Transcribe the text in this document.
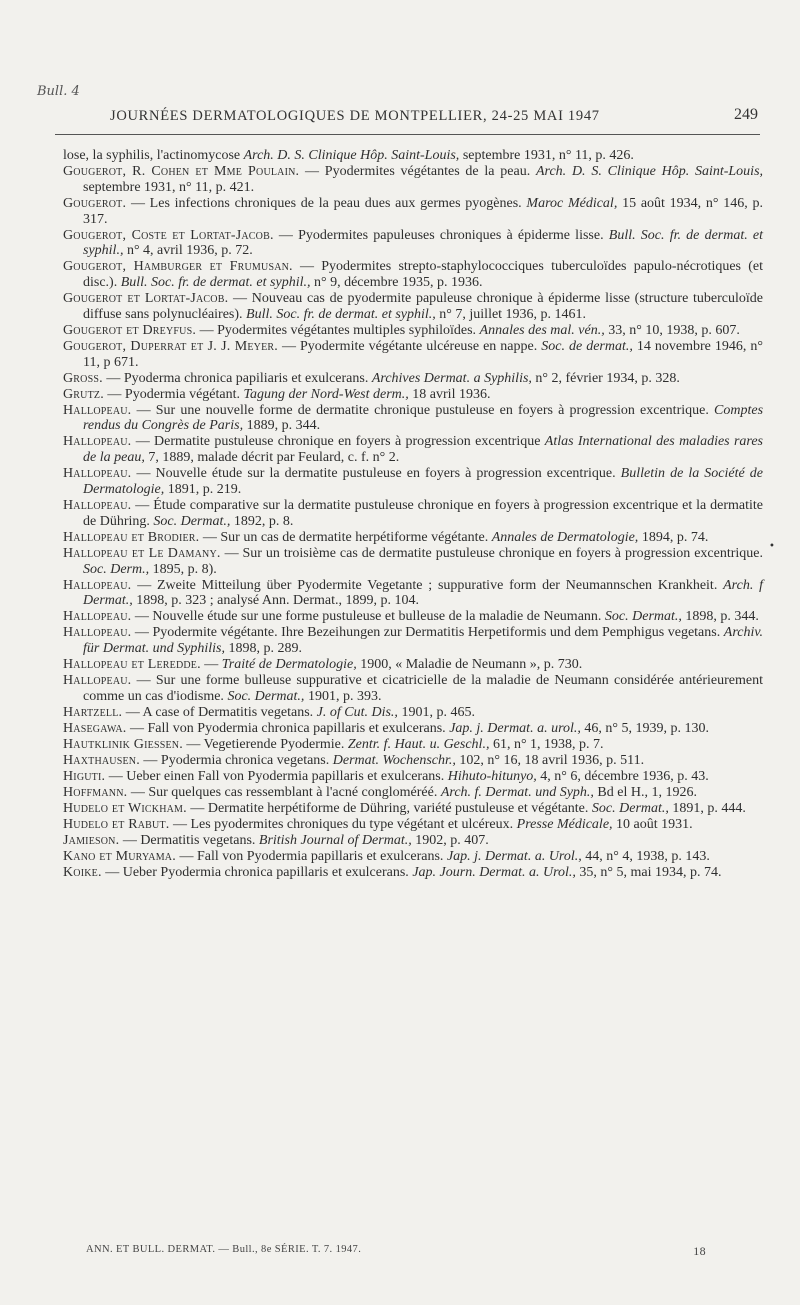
Bull. 4
JOURNÉES DERMATOLOGIQUES DE MONTPELLIER, 24-25 MAI 1947	249

lose, la syphilis, l'actinomycose Arch. D. S. Clinique Hôp. Saint-Louis, septembre 1931, n° 11, p. 426.

Gougerot, R. Cohen et Mme Poulain. — Pyodermites végétantes de la peau. Arch. D. S. Clinique Hôp. Saint-Louis, septembre 1931, n° 11, p. 421.

Gougerot. — Les infections chroniques de la peau dues aux germes pyogènes. Maroc Médical, 15 août 1934, n° 146, p. 317.

Gougerot, Coste et Lortat-Jacob. — Pyodermites papuleuses chroniques à épiderme lisse. Bull. Soc. fr. de dermat. et syphil., n° 4, avril 1936, p. 72.

Gougerot, Hamburger et Frumusan. — Pyodermites strepto-staphylococciques tuberculoïdes papulo-nécrotiques (et disc.). Bull. Soc. fr. de dermat. et syphil., n° 9, décembre 1935, p. 1936.

Gougerot et Lortat-Jacob. — Nouveau cas de pyodermite papuleuse chronique à épiderme lisse (structure tuberculoïde diffuse sans polynucléaires). Bull. Soc. fr. de dermat. et syphil., n° 7, juillet 1936, p. 1461.

Gougerot et Dreyfus. — Pyodermites végétantes multiples syphiloïdes. Annales des mal. vén., 33, n° 10, 1938, p. 607.

Gougerot, Duperrat et J. J. Meyer. — Pyodermite végétante ulcéreuse en nappe. Soc. de dermat., 14 novembre 1946, n° 11, p 671.

Gross. — Pyoderma chronica papiliaris et exulcerans. Archives Dermat. a Syphilis, n° 2, février 1934, p. 328.

Grutz. — Pyodermia végétant. Tagung der Nord-West derm., 18 avril 1936.

Hallopeau. — Sur une nouvelle forme de dermatite chronique pustuleuse en foyers à progression excentrique. Comptes rendus du Congrès de Paris, 1889, p. 344.

Hallopeau. — Dermatite pustuleuse chronique en foyers à progression excentrique Atlas International des maladies rares de la peau, 7, 1889, malade décrit par Feulard, c. f. n° 2.

Hallopeau. — Nouvelle étude sur la dermatite pustuleuse en foyers à progression excentrique. Bulletin de la Société de Dermatologie, 1891, p. 219.

Hallopeau. — Étude comparative sur la dermatite pustuleuse chronique en foyers à progression excentrique et la dermatite de Dühring. Soc. Dermat., 1892, p. 8.

Hallopeau et Brodier. — Sur un cas de dermatite herpétiforme végétante. Annales de Dermatologie, 1894, p. 74.

Hallopeau et Le Damany. — Sur un troisième cas de dermatite pustuleuse chronique en foyers à progression excentrique. Soc. Derm., 1895, p. 8).

Hallopeau. — Zweite Mitteilung über Pyodermite Vegetante ; suppurative form der Neumannschen Krankheit. Arch. f Dermat., 1898, p. 323 ; analysé Ann. Dermat., 1899, p. 104.

Hallopeau. — Nouvelle étude sur une forme pustuleuse et bulleuse de la maladie de Neumann. Soc. Dermat., 1898, p. 344.

Hallopeau. — Pyodermite végétante. Ihre Bezeihungen zur Dermatitis Herpetiformis und dem Pemphigus vegetans. Archiv. für Dermat. und Syphilis, 1898, p. 289.

Hallopeau et Leredde. — Traité de Dermatologie, 1900, « Maladie de Neumann », p. 730.

Hallopeau. — Sur une forme bulleuse suppurative et cicatricielle de la maladie de Neumann considérée antérieurement comme un cas d'iodisme. Soc. Dermat., 1901, p. 393.

Hartzell. — A case of Dermatitis vegetans. J. of Cut. Dis., 1901, p. 465.

Hasegawa. — Fall von Pyodermia chronica papillaris et exulcerans. Jap. j. Dermat. a. urol., 46, n° 5, 1939, p. 130.

Hautklinik Giessen. — Vegetierende Pyodermie. Zentr. f. Haut. u. Geschl., 61, n° 1, 1938, p. 7.

Haxthausen. — Pyodermia chronica vegetans. Dermat. Wochenschr., 102, n° 16, 18 avril 1936, p. 511.

Higuti. — Ueber einen Fall von Pyodermia papillaris et exulcerans. Hihuto-hitunyo, 4, n° 6, décembre 1936, p. 43.

Hoffmann. — Sur quelques cas ressemblant à l'acné congloméréé. Arch. f. Dermat. und Syph., Bd el H., 1, 1926.

Hudelo et Wickham. — Dermatite herpétiforme de Dühring, variété pustuleuse et végétante. Soc. Dermat., 1891, p. 444.

Hudelo et Rabut. — Les pyodermites chroniques du type végétant et ulcéreux. Presse Médicale, 10 août 1931.

Jamieson. — Dermatitis vegetans. British Journal of Dermat., 1902, p. 407.

Kano et Muryama. — Fall von Pyodermia papillaris et exulcerans. Jap. j. Dermat. a. Urol., 44, n° 4, 1938, p. 143.

Koike. — Ueber Pyodermia chronica papillaris et exulcerans. Jap. Journ. Dermat. a. Urol., 35, n° 5, mai 1934, p. 74.

•
ANN. ET BULL. DERMAT. — Bull., 8e SÉRIE. T. 7. 1947.	18
